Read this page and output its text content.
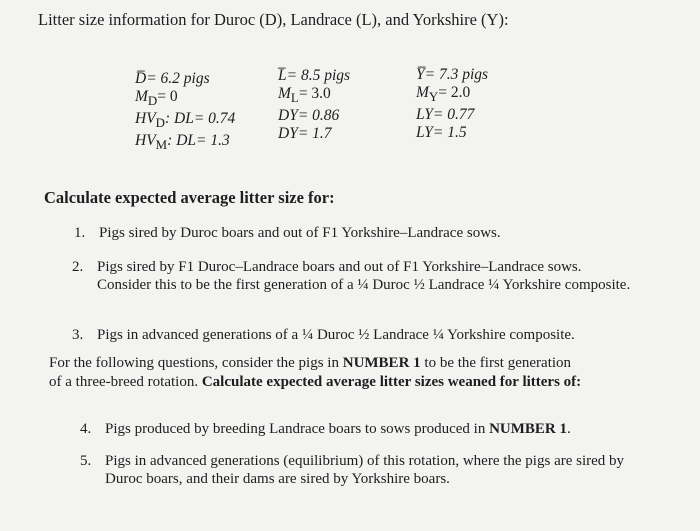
Litter size information for Duroc (D), Landrace (L), and Yorkshire (Y):
D̅= 6.2 pigs
$M_D= 0$
$HV_D$: DL= 0.74
$HV_M$: DL= 1.3
L̅= 8.5 pigs
$M_L= 3.0$
DY= 0.86
DY= 1.7
Y̅= 7.3 pigs
$M_Y= 2.0$
LY= 0.77
LY= 1.5
Calculate expected average litter size for:
1. Pigs sired by Duroc boars and out of F1 Yorkshire–Landrace sows.
2. Pigs sired by F1 Duroc–Landrace boars and out of F1 Yorkshire–Landrace sows.
Consider this to be the first generation of a ¼ Duroc ½ Landrace ¼ Yorkshire composite.
3. Pigs in advanced generations of a ¼ Duroc ½ Landrace ¼ Yorkshire composite.
For the following questions, consider the pigs in NUMBER 1 to be the first generation
of a three-breed rotation. Calculate expected average litter sizes weaned for litters of:
4. Pigs produced by breeding Landrace boars to sows produced in NUMBER 1.
5. Pigs in advanced generations (equilibrium) of this rotation, where the pigs are sired by
Duroc boars, and their dams are sired by Yorkshire boars.
